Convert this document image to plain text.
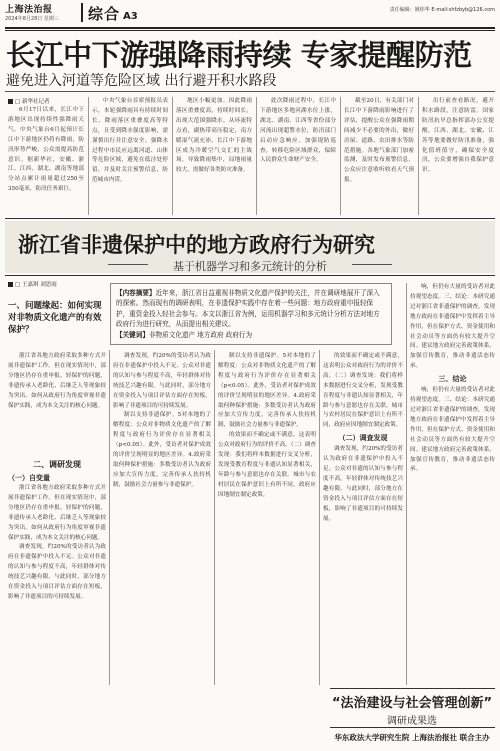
上海法治报
2024年8月28日 星期三	综合 A3
责任编辑：姚炜华 E-mail:shfzbyb@126.com
长江中下游强降雨持续 专家提醒防范
避免进入河道等危险区域 出行避开积水路段
□ 新华社记者

6月17日以来，长江中下游地区出现持续性强降雨天气。中央气象台6月起预计长江中下游地区仍将有降雨，防汛形势严峻，公众需提高防范意识。据新华社，安徽、浙江、江西、湖北、湖南等地部分站点累计雨量超过250至350毫米，防汛任务艰巨。

中央气象台首席预报员表示，本轮强降雨具有持续时间长、降雨落区重叠度高等特点，且受到降水强度影响，需谨慎出行并注意安全。强降水过程中市民应远离河道、山体等危险区域，避免在低洼处停留，并及时关注预警信息，防范城市内涝。

地区小幅更加。因此降雨落区重叠度高，持续时间长，出现大范围强降水。从环流特点看，副热带高压稳定，南方暖湿气流充沛，长江中下游地区成为冷暖空气交汇的主战场，导致降雨集中，局地雨量较大，需做好各类防灾准备。

此次降雨过程中，长江中下游地区多地河湖水位上涨，湖北、湖南、江西等省份部分河流出现超警水位，防汛部门启动应急响应，加强堤防巡查，转移危险区域群众，保障人民群众生命财产安全。

截至20日，有关部门对长江中下游降雨影响进行了评估，提醒公众在强降雨期间减少不必要的外出，做好房屋、道路、农田排水等防范措施。各地气象部门加密监测，及时发布预警信息，公众应注意收听收看天气预报。

出行前查看路况，避开积水路段，注意防雷。国家防汛抗旱总指挥部办公室提醒，江西、湖北、安徽、江苏等地要做好防汛准备，强化值班值守，确保安全度汛，公众要增强自我保护意识。

浙江省非遗保护中的地方政府行为研究
基于机器学习和多元统计的分析
□ 王嘉琪 刘思雨
【内容摘要】近年来，浙江省日益重视非物质文化遗产保护的关注，并在调研地展开了深入的探索。然而现有的调研表明，在非遗保护实践中存在着一些问题：地方政府重申报轻保护，重资金投入轻社会参与。本文以浙江省为例，运用机器学习和多元统计分析方法对地方政府行为进行研究，从而提出相关建议。
【关键词】非物质文化遗产 地方政府 政府行为
一、问题缘起：如何实现对非物质文化遗产的有效保护？

浙江省各地方政府采取多种方式开展非遗保护工作。但在现实情况中，部分地区仍存在重申报、轻保护的问题，非遗传承人老龄化、后继乏人等现象较为突出。如何从政府行为角度审视非遗保护实践，成为本文关注的核心问题。

二、调研发现
（一）自变量

浙江省各地方政府采取多种方式开展非遗保护工作。但在现实情况中，部分地区仍存在重申报、轻保护的问题，非遗传承人老龄化、后继乏人等现象较为突出。如何从政府行为角度审视非遗保护实践，成为本文关注的核心问题。

调查发现，约20%的受访者认为政府在非遗保护中投入不足。公众对非遗的认知与参与程度不高，年轻群体对传统技艺兴趣有限。与此同时，部分地方在资金投入与项目评估方面存在短板，影响了非遗项目的可持续发展。

调查发现，约20%的受访者认为政府在非遗保护中投入不足。公众对非遗的认知与参与程度不高，年轻群体对传统技艺兴趣有限。与此同时，部分地方在资金投入与项目评估方面存在短板，影响了非遗项目的可持续发展。

制以支持非遗保护。5对本地的了解程度：公众对非物质文化遗产的了解程度与政府行为评价存在显著相关（p<0.05）。此外，受访者对保护成效的评价呈现明显的地区差异。4.政府采取何种保护措施：多数受访者认为政府应加大宣传力度，完善传承人扶持机制，鼓励社会力量参与非遗保护。

制以支持非遗保护。5对本地的了解程度：公众对非物质文化遗产的了解程度与政府行为评价存在显著相关（p<0.05）。此外，受访者对保护成效的评价呈现明显的地区差异。4.政府采取何种保护措施：多数受访者认为政府应加大宣传力度，完善传承人扶持机制，鼓励社会力量参与非遗保护。

的效果而不确定或不满意，这表明公众对政府行为的评价不高。（二）调查发现：我们将样本数据进行交叉分析，发现受教育程度与非遗认知显著相关，年龄与参与意愿也存在关联。城市与农村居民在保护意识上有所不同，政府应因地制宜制定政策。

的效果而不确定或不满意，这表明公众对政府行为的评价不高。（二）调查发现：我们将样本数据进行交叉分析，发现受教育程度与非遗认知显著相关，年龄与参与意愿也存在关联。城市与农村居民在保护意识上有所不同，政府应因地制宜制定政策。

（二）调查发现

调查发现，约20%的受访者认为政府在非遗保护中投入不足。公众对非遗的认知与参与程度不高，年轻群体对传统技艺兴趣有限。与此同时，部分地方在资金投入与项目评估方面存在短板，影响了非遗项目的可持续发展。

响，但仍有大量的受访者对此持观望态度。三、结论：本研究通过对浙江省非遗保护的调查，发现地方政府在非遗保护中发挥着主导作用，但在保护方式、资金使用和社会动员等方面仍有较大提升空间。建议地方政府完善政策体系，加强宣传教育，推动非遗活态传承。

三、结论

响，但仍有大量的受访者对此持观望态度。三、结论：本研究通过对浙江省非遗保护的调查，发现地方政府在非遗保护中发挥着主导作用，但在保护方式、资金使用和社会动员等方面仍有较大提升空间。建议地方政府完善政策体系，加强宣传教育，推动非遗活态传承。

“法治建设与社会管理创新”
调研成果选
华东政法大学研究生院 上海法治报社 联合主办
